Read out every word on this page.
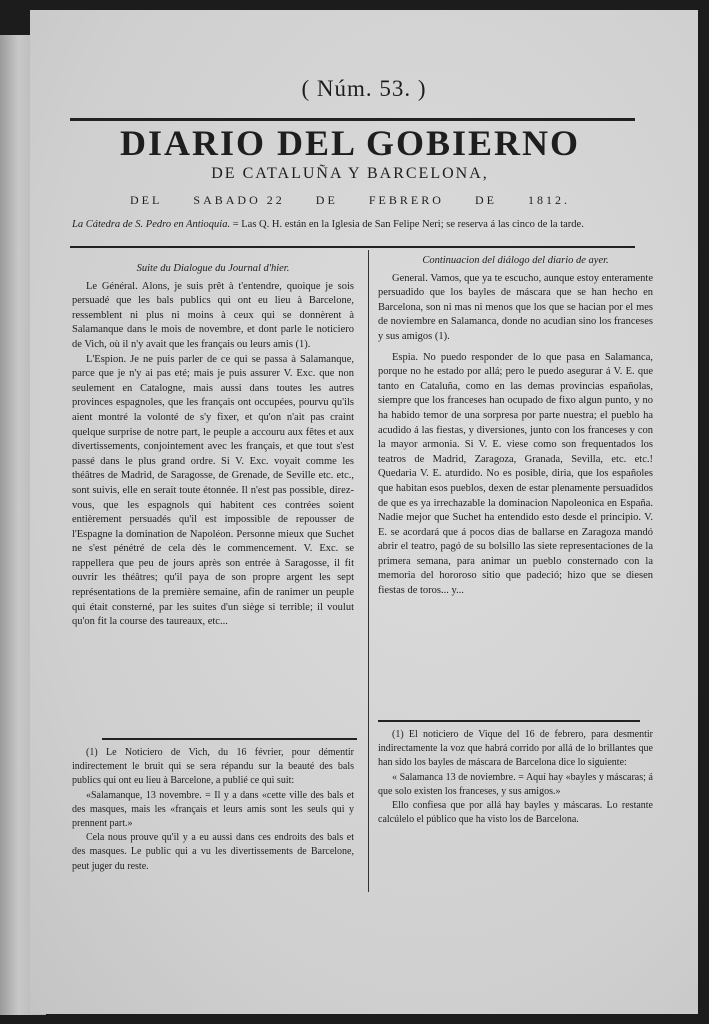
( Núm. 53. )
DIARIO DEL GOBIERNO
DE CATALUÑA Y BARCELONA,
DEL	SABADO 22	DE	FEBRERO	DE	1812.
La Cátedra de S. Pedro en Antioquia. = Las Q. H. están en la Iglesia de San Felipe Neri; se reserva á las cinco de la tarde.

Suite du Dialogue du Journal d'hier.

Le Général. Alons, je suis prêt à t'entendre, quoique je sois persuadé que les bals publics qui ont eu lieu à Barcelone, ressemblent ni plus ni moins à ceux qui se donnèrent à Salamanque dans le mois de novembre, et dont parle le noticiero de Vich, où il n'y avait que les français ou leurs amis (1).

L'Espion. Je ne puis parler de ce qui se passa à Salamanque, parce que je n'y ai pas eté; mais je puis assurer V. Exc. que non seulement en Catalogne, mais aussi dans toutes les autres provinces espagnoles, que les français ont occupées, pourvu qu'ils aient montré la volonté de s'y fixer, et qu'on n'ait pas craint quelque surprise de notre part, le peuple a accouru aux fêtes et aux divertissements, conjointement avec les français, et que tout s'est passé dans le plus grand ordre. Si V. Exc. voyait comme les théâtres de Madrid, de Saragosse, de Grenade, de Seville etc. etc., sont suivis, elle en serait toute étonnée. Il n'est pas possible, direz-vous, que les espagnols qui habitent ces contrées soient entièrement persuadés qu'il est impossible de repousser de l'Espagne la domination de Napoléon. Personne mieux que Suchet ne s'est pénétré de cela dès le commencement. V. Exc. se rappellera que peu de jours après son entrée à Saragosse, il fit ouvrir les théâtres; qu'il paya de son propre argent les sept représentations de la première semaine, afin de ranimer un peuple qui était consterné, par les suites d'un siège si terrible; il voulut qu'on fit la course des taureaux, etc...

(1) Le Noticiero de Vich, du 16 février, pour démentir indirectement le bruit qui se sera répandu sur la beauté des bals publics qui ont eu lieu à Barcelone, a publié ce qui suit:

«Salamanque, 13 novembre. = Il y a dans «cette ville des bals et des masques, mais les «français et leurs amis sont les seuls qui y prennent part.»

Cela nous prouve qu'il y a eu aussi dans ces endroits des bals et des masques. Le public qui a vu les divertissements de Barcelone, peut juger du reste.

Continuacion del diálogo del diario de ayer.

General. Vamos, que ya te escucho, aunque estoy enteramente persuadido que los bayles de máscara que se han hecho en Barcelona, son ni mas ni menos que los que se hacian por el mes de noviembre en Salamanca, donde no acudian sino los franceses y sus amigos (1).

Espia. No puedo responder de lo que pasa en Salamanca, porque no he estado por allá; pero le puedo asegurar á V. E. que tanto en Cataluña, como en las demas provincias españolas, siempre que los franceses han ocupado de fixo algun punto, y no ha habido temor de una sorpresa por parte nuestra; el pueblo ha acudido á las fiestas, y diversiones, junto con los franceses y con la mayor armonia. Si V. E. viese como son frequentados los teatros de Madrid, Zaragoza, Granada, Sevilla, etc. etc.! Quedaria V. E. aturdido. No es posible, diria, que los españoles que habitan esos pueblos, dexen de estar plenamente persuadidos de que es ya irrechazable la dominacion Napoleonica en España. Nadie mejor que Suchet ha entendido esto desde el principio. V. E. se acordará que á pocos dias de ballarse en Zaragoza mandó abrir el teatro, pagó de su bolsillo las siete representaciones de la primera semana, para animar un pueblo consternado con la memoria del hororoso sitio que padeció; hizo que se diesen fiestas de toros... y...

(1) El noticiero de Vique del 16 de febrero, para desmentir indirectamente la voz que habrá corrido por allá de lo brillantes que han sido los bayles de máscara de Barcelona dice lo siguiente:

« Salamanca 13 de noviembre. = Aquí hay «bayles y máscaras; á que solo existen los franceses, y sus amigos.»

Ello confiesa que por allá hay bayles y máscaras. Lo restante calcúlelo el público que ha visto los de Barcelona.
